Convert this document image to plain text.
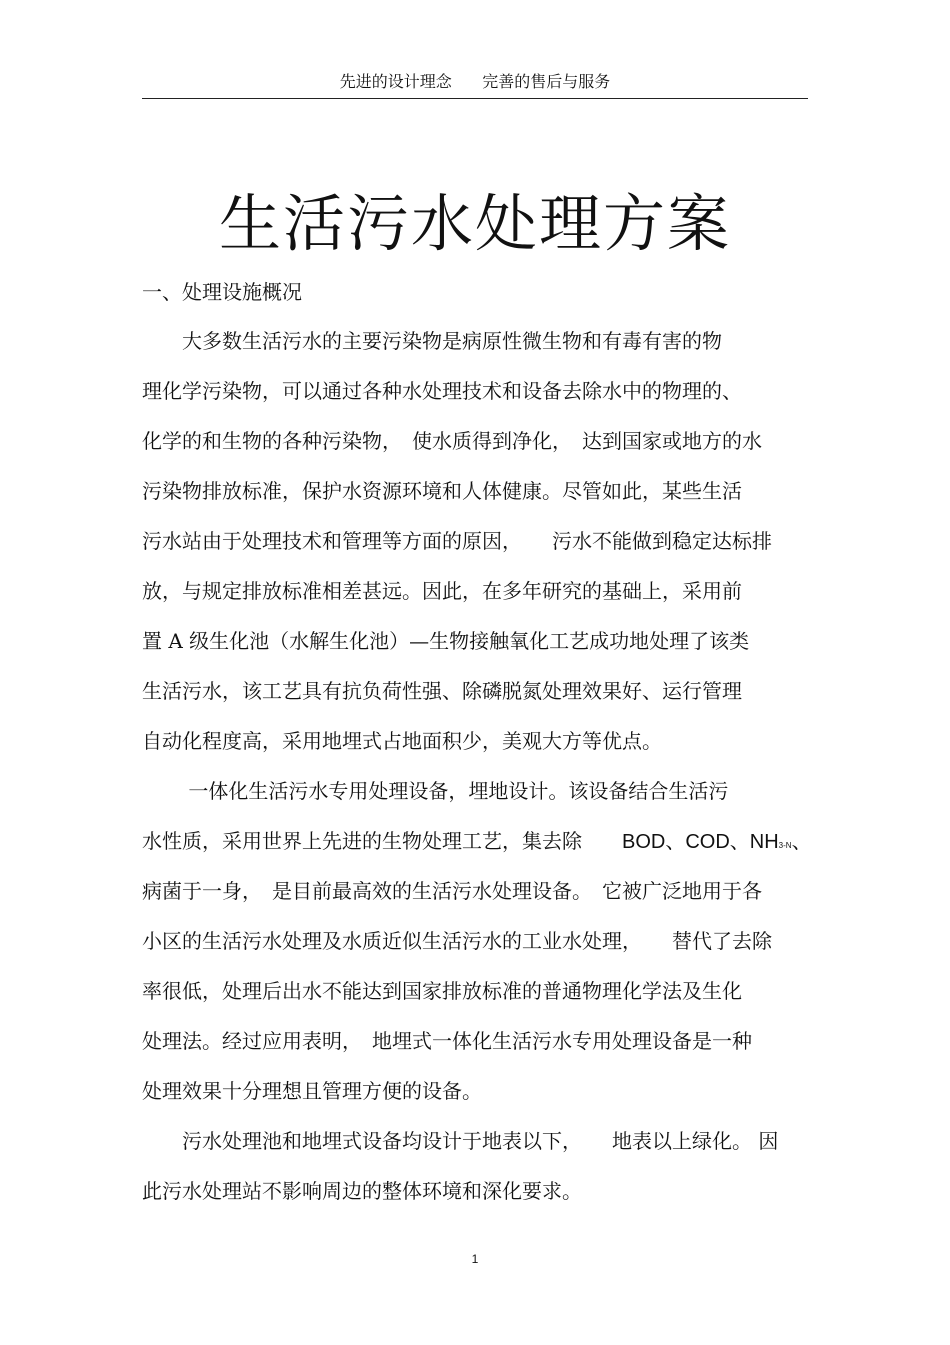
先进的设计理念      完善的售后与服务
生活污水处理方案
一、处理设施概况
　　大多数生活污水的主要污染物是病原性微生物和有毒有害的物
理化学污染物，可以通过各种水处理技术和设备去除水中的物理的、
化学的和生物的各种污染物，　使水质得到净化，　达到国家或地方的水
污染物排放标准，保护水资源环境和人体健康。尽管如此，某些生活
污水站由于处理技术和管理等方面的原因，　　污水不能做到稳定达标排
放，与规定排放标准相差甚远。因此，在多年研究的基础上，采用前
置 A 级生化池（水解生化池）—生物接触氧化工艺成功地处理了该类
生活污水，该工艺具有抗负荷性强、除磷脱氮处理效果好、运行管理
自动化程度高，采用地埋式占地面积少，美观大方等优点。
　　 一体化生活污水专用处理设备，埋地设计。该设备结合生活污
水性质，采用世界上先进的生物处理工艺，集去除　　BOD、COD、NH3-N、
病菌于一身，　是目前最高效的生活污水处理设备。　它被广泛地用于各
小区的生活污水处理及水质近似生活污水的工业水处理，　　替代了去除
率很低，处理后出水不能达到国家排放标准的普通物理化学法及生化
处理法。经过应用表明，　地埋式一体化生活污水专用处理设备是一种
处理效果十分理想且管理方便的设备。
　　污水处理池和地埋式设备均设计于地表以下，　　地表以上绿化。 因
此污水处理站不影响周边的整体环境和深化要求。
1
